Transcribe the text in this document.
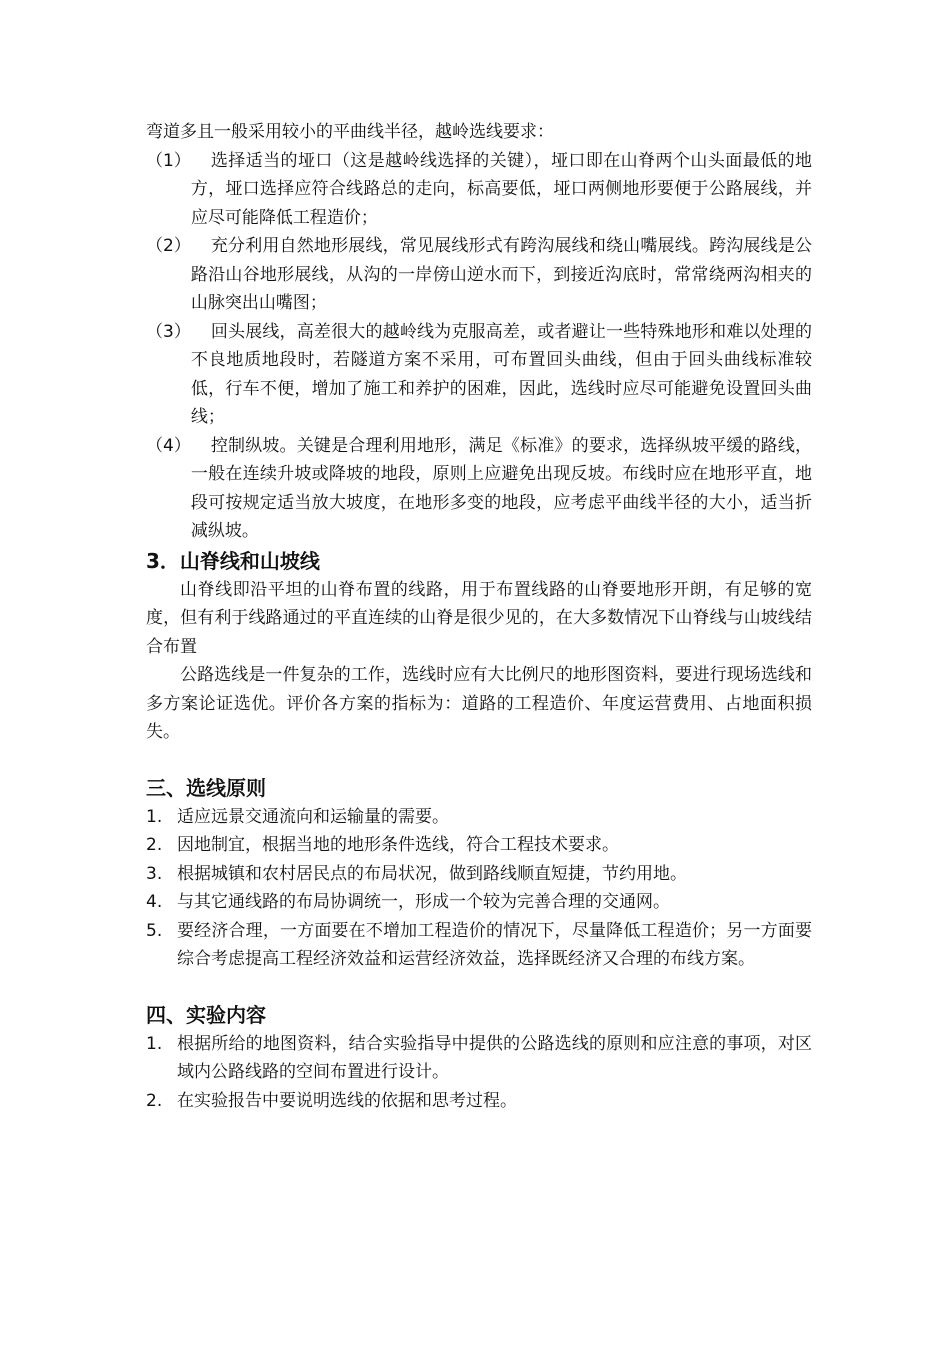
弯道多且一般采用较小的平曲线半径，越岭选线要求：

（1）	选择适当的垭口（这是越岭线选择的关键），垭口即在山脊两个山头面最低的地方，垭口选择应符合线路总的走向，标高要低，垭口两侧地形要便于公路展线，并应尽可能降低工程造价；
（2）	充分利用自然地形展线，常见展线形式有跨沟展线和绕山嘴展线。跨沟展线是公路沿山谷地形展线，从沟的一岸傍山逆水而下，到接近沟底时，常常绕两沟相夹的山脉突出山嘴图；
（3）	回头展线，高差很大的越岭线为克服高差，或者避让一些特殊地形和难以处理的不良地质地段时，若隧道方案不采用，可布置回头曲线，但由于回头曲线标准较低，行车不便，增加了施工和养护的困难，因此，选线时应尽可能避免设置回头曲线；
（4）	控制纵坡。关键是合理利用地形，满足《标准》的要求，选择纵坡平缓的路线，一般在连续升坡或降坡的地段，原则上应避免出现反坡。布线时应在地形平直，地段可按规定适当放大坡度，在地形多变的地段，应考虑平曲线半径的大小，适当折减纵坡。
3．山脊线和山坡线

山脊线即沿平坦的山脊布置的线路，用于布置线路的山脊要地形开朗，有足够的宽度，但有利于线路通过的平直连续的山脊是很少见的，在大多数情况下山脊线与山坡线结合布置

公路选线是一件复杂的工作，选线时应有大比例尺的地形图资料，要进行现场选线和多方案论证选优。评价各方案的指标为：道路的工程造价、年度运营费用、占地面积损失。

三、选线原则
1. 适应远景交通流向和运输量的需要。
2. 因地制宜，根据当地的地形条件选线，符合工程技术要求。
3. 根据城镇和农村居民点的布局状况，做到路线顺直短捷，节约用地。
4. 与其它通线路的布局协调统一，形成一个较为完善合理的交通网。
5. 要经济合理，一方面要在不增加工程造价的情况下，尽量降低工程造价；另一方面要综合考虑提高工程经济效益和运营经济效益，选择既经济又合理的布线方案。
四、实验内容
1. 根据所给的地图资料，结合实验指导中提供的公路选线的原则和应注意的事项，对区域内公路线路的空间布置进行设计。
2. 在实验报告中要说明选线的依据和思考过程。
